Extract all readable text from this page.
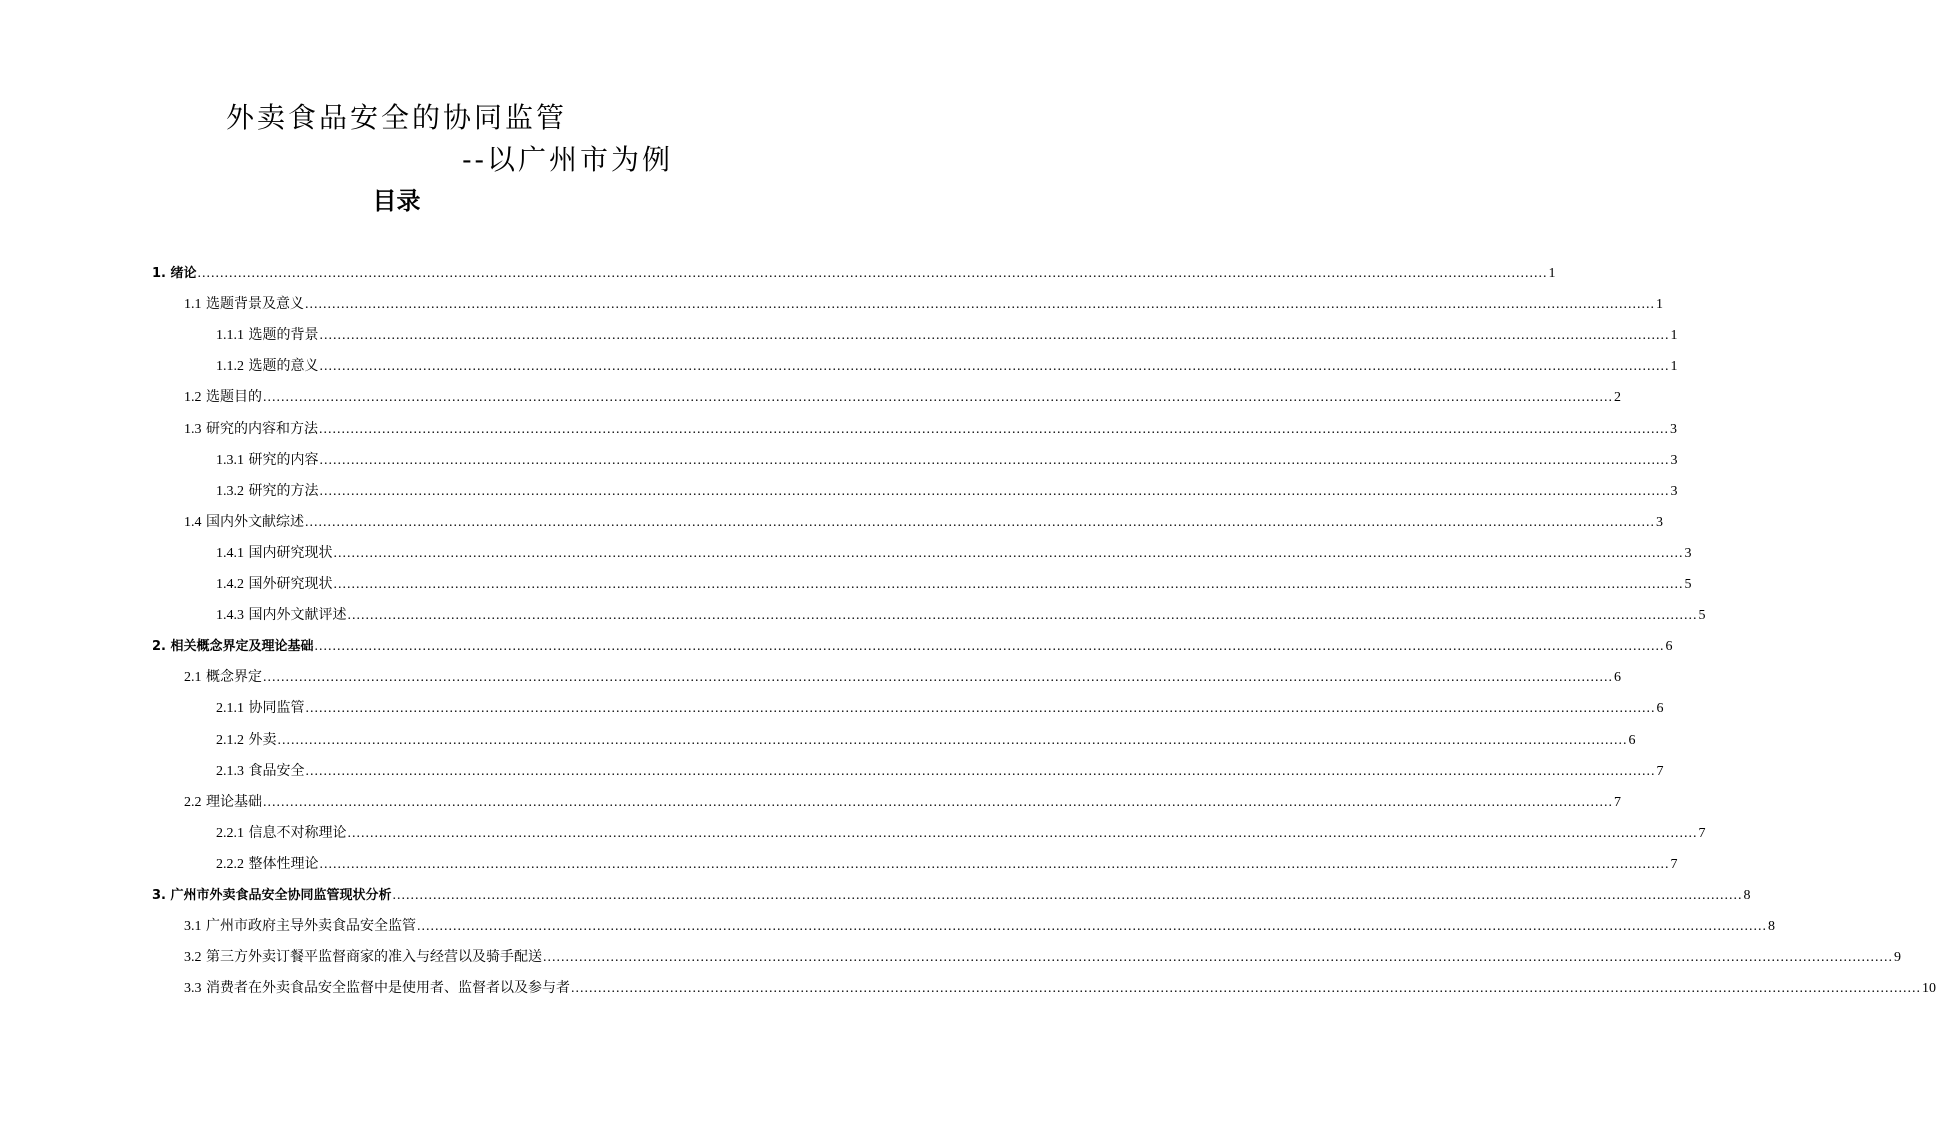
外卖食品安全的协同监管
--以广州市为例
目录
1. 绪论 ............................................................................................................................................................................................................................................................................................................ 1
1.1 选题背景及意义 ............................................................................................................................................................................................................................................................................................................ 1
1.1.1 选题的背景 ............................................................................................................................................................................................................................................................................................................ 1
1.1.2 选题的意义 ............................................................................................................................................................................................................................................................................................................ 1
1.2 选题目的 ............................................................................................................................................................................................................................................................................................................ 2
1.3 研究的内容和方法 ............................................................................................................................................................................................................................................................................................................ 3
1.3.1 研究的内容 ............................................................................................................................................................................................................................................................................................................ 3
1.3.2 研究的方法 ............................................................................................................................................................................................................................................................................................................ 3
1.4 国内外文献综述 ............................................................................................................................................................................................................................................................................................................ 3
1.4.1 国内研究现状 ............................................................................................................................................................................................................................................................................................................ 3
1.4.2 国外研究现状 ............................................................................................................................................................................................................................................................................................................ 5
1.4.3 国内外文献评述 ............................................................................................................................................................................................................................................................................................................ 5
2. 相关概念界定及理论基础 ............................................................................................................................................................................................................................................................................................................ 6
2.1 概念界定 ............................................................................................................................................................................................................................................................................................................ 6
2.1.1 协同监管 ............................................................................................................................................................................................................................................................................................................ 6
2.1.2 外卖 ............................................................................................................................................................................................................................................................................................................ 6
2.1.3 食品安全 ............................................................................................................................................................................................................................................................................................................ 7
2.2 理论基础 ............................................................................................................................................................................................................................................................................................................ 7
2.2.1 信息不对称理论 ............................................................................................................................................................................................................................................................................................................ 7
2.2.2 整体性理论 ............................................................................................................................................................................................................................................................................................................ 7
3. 广州市外卖食品安全协同监管现状分析 ............................................................................................................................................................................................................................................................................................................ 8
3.1 广州市政府主导外卖食品安全监管 ............................................................................................................................................................................................................................................................................................................ 8
3.2 第三方外卖订餐平监督商家的准入与经营以及骑手配送 ............................................................................................................................................................................................................................................................................................................ 9
3.3 消费者在外卖食品安全监督中是使用者、监督者以及参与者 ............................................................................................................................................................................................................................................................................................................ 10
